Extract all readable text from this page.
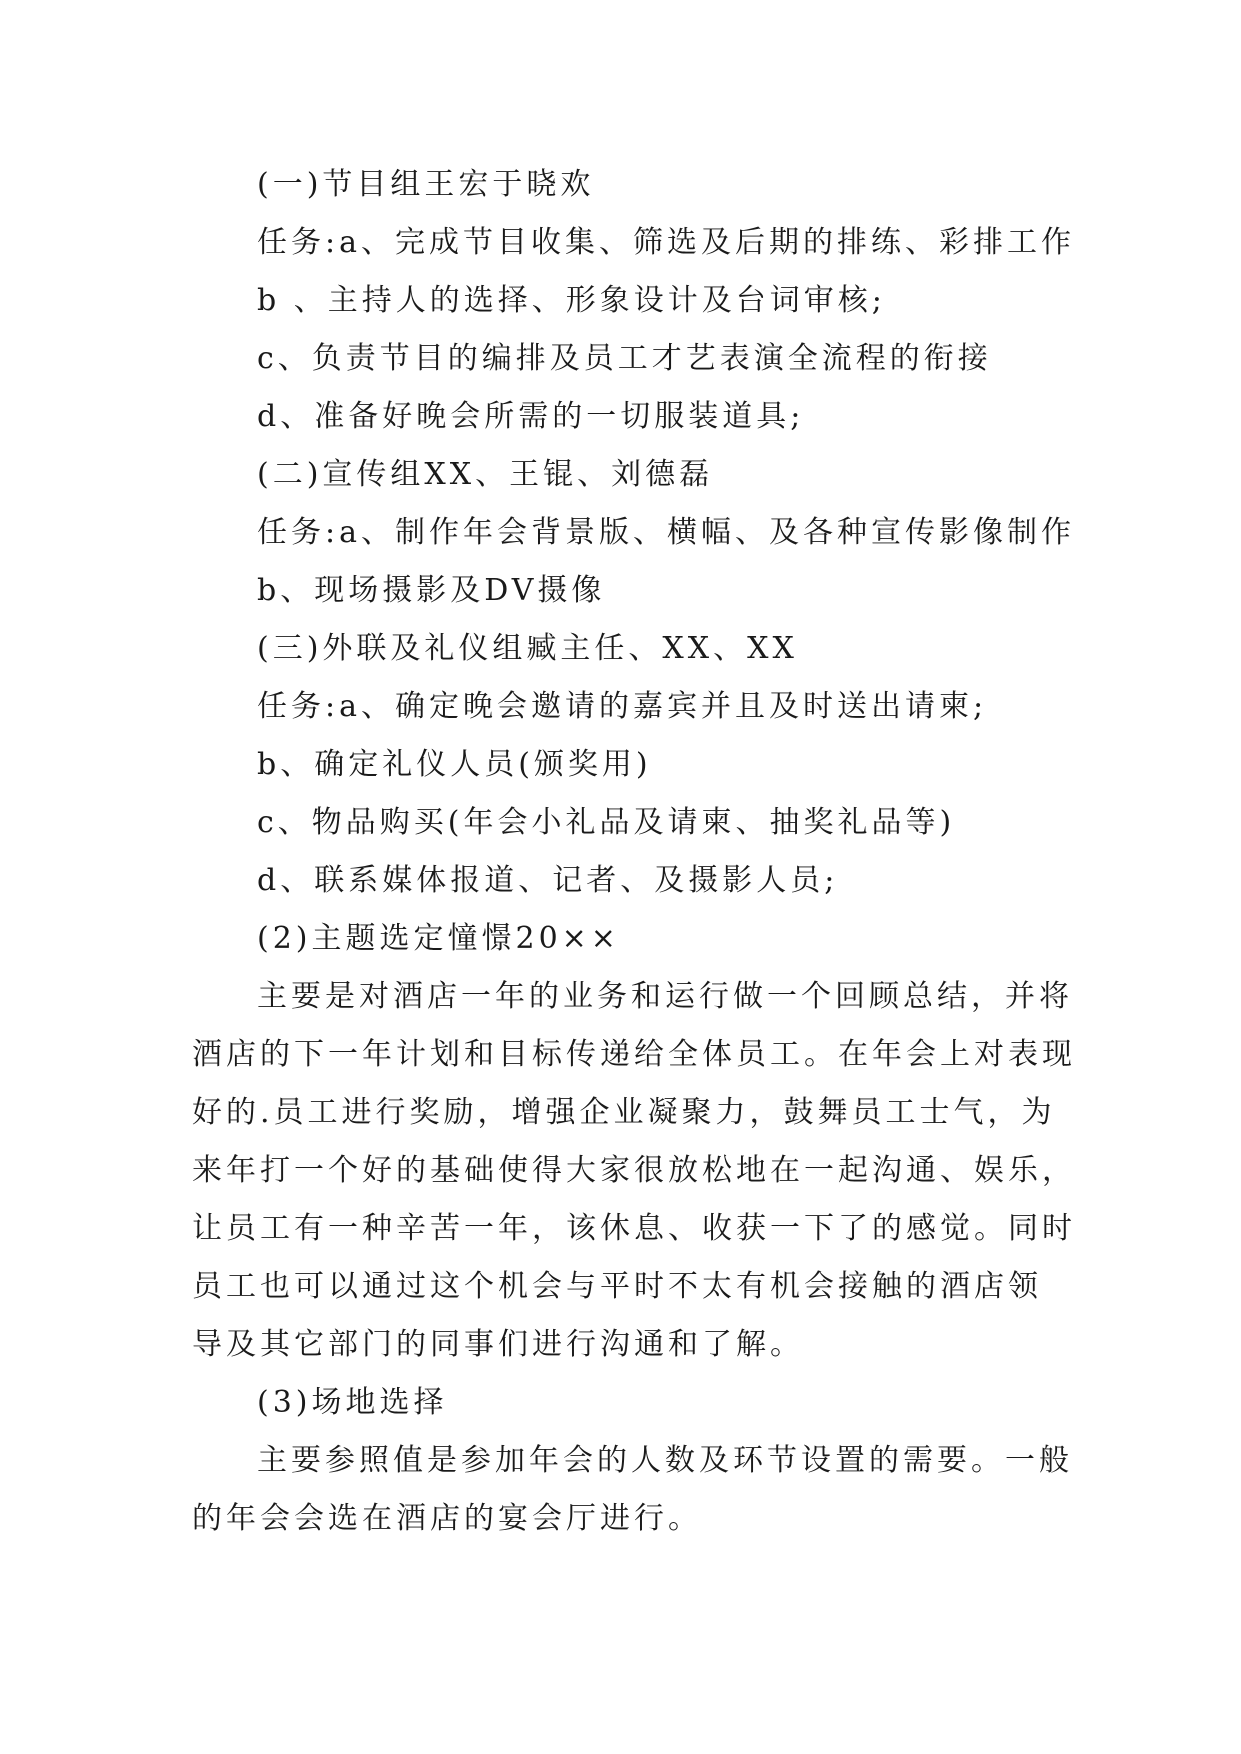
(一)节目组王宏于晓欢

任务:a、完成节目收集、筛选及后期的排练、彩排工作

b 、主持人的选择、形象设计及台词审核;

c、负责节目的编排及员工才艺表演全流程的衔接

d、准备好晚会所需的一切服装道具;

(二)宣传组XX、王锟、刘德磊

任务:a、制作年会背景版、横幅、及各种宣传影像制作

b、现场摄影及DV摄像

(三)外联及礼仪组臧主任、XX、XX

任务:a、确定晚会邀请的嘉宾并且及时送出请柬;

b、确定礼仪人员(颁奖用)

c、物品购买(年会小礼品及请柬、抽奖礼品等)

d、联系媒体报道、记者、及摄影人员;

(2)主题选定憧憬20××

主要是对酒店一年的业务和运行做一个回顾总结，并将

酒店的下一年计划和目标传递给全体员工。在年会上对表现

好的.员工进行奖励，增强企业凝聚力，鼓舞员工士气，为

来年打一个好的基础使得大家很放松地在一起沟通、娱乐，

让员工有一种辛苦一年，该休息、收获一下了的感觉。同时

员工也可以通过这个机会与平时不太有机会接触的酒店领

导及其它部门的同事们进行沟通和了解。

(3)场地选择

主要参照值是参加年会的人数及环节设置的需要。一般

的年会会选在酒店的宴会厅进行。
